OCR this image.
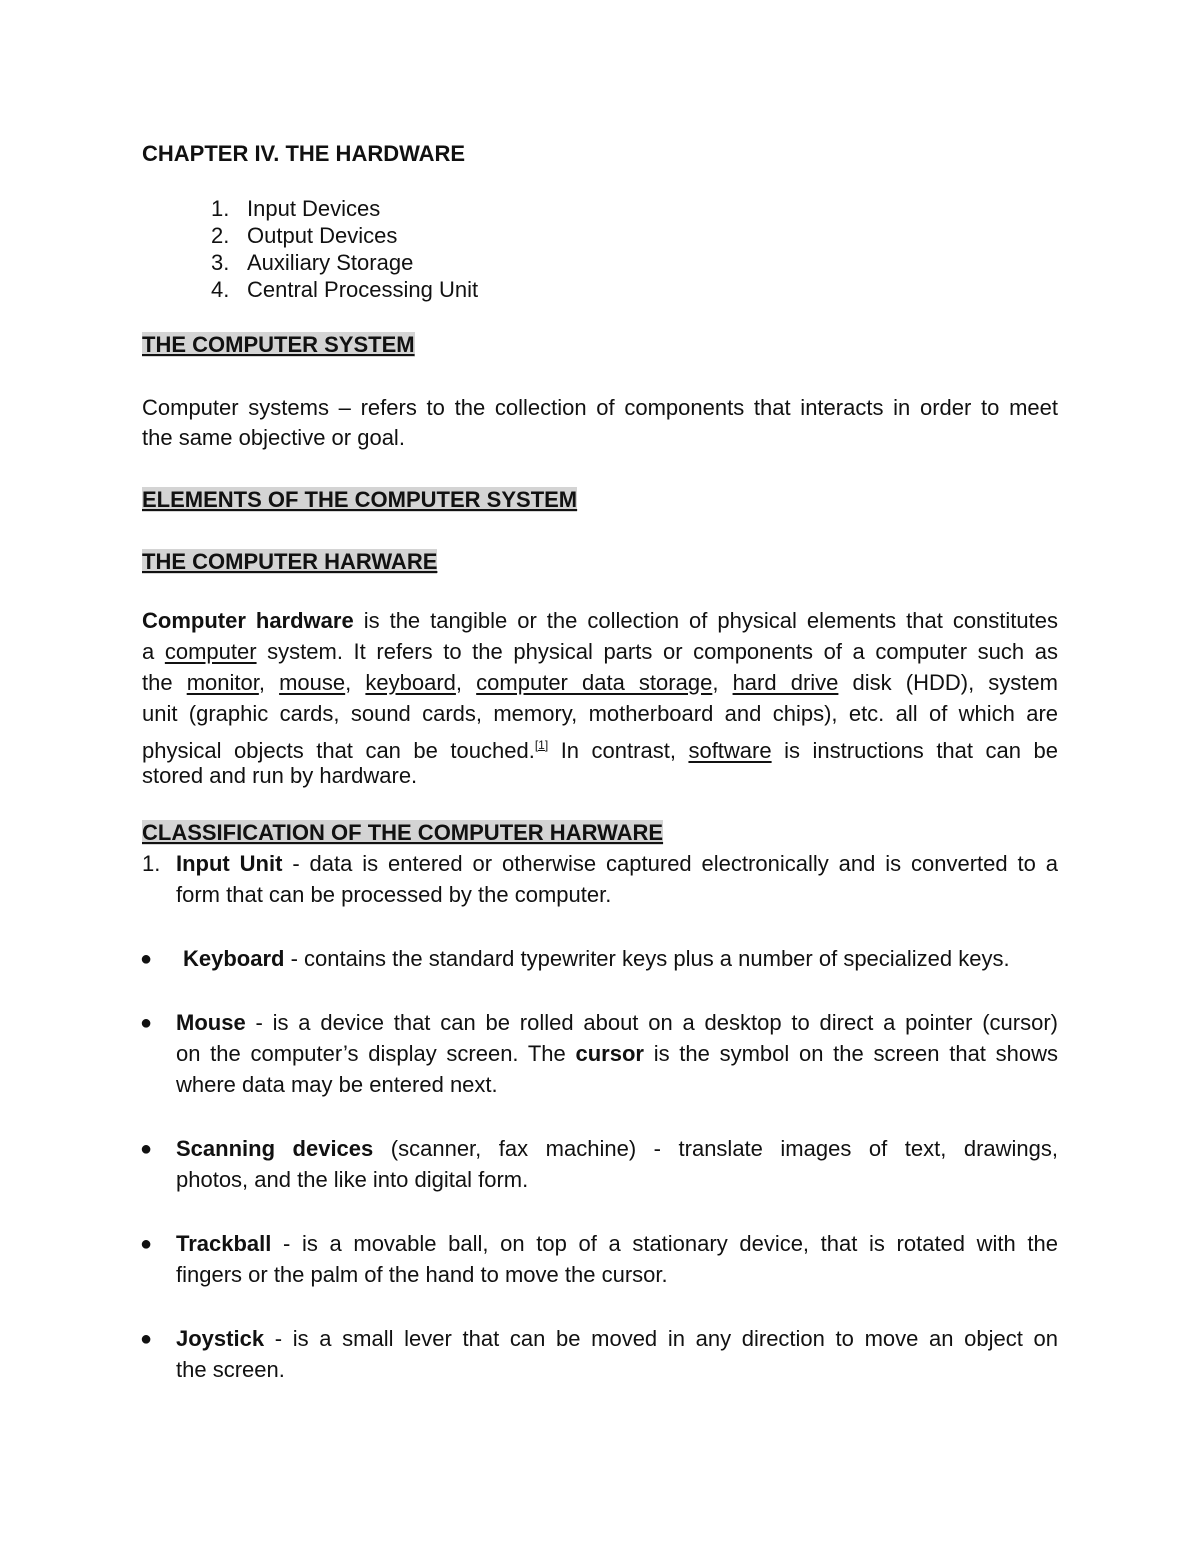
CHAPTER IV. THE HARDWARE
1. Input Devices
2. Output Devices
3. Auxiliary Storage
4. Central Processing Unit
THE COMPUTER SYSTEM
Computer systems – refers to the collection of components that interacts in order to meet
the same objective or goal.
ELEMENTS OF THE COMPUTER SYSTEM
THE COMPUTER HARWARE
Computer hardware is the tangible or the collection of physical elements that constitutes
a computer system. It refers to the physical parts or components of a computer such as
the monitor, mouse, keyboard, computer data storage, hard drive disk (HDD), system
unit (graphic cards, sound cards, memory, motherboard and chips), etc. all of which are
physical objects that can be touched.[1] In contrast, software is instructions that can be
stored and run by hardware.
CLASSIFICATION OF THE COMPUTER HARWARE
1. Input Unit - data is entered or otherwise captured electronically and is converted to a
form that can be processed by the computer.
● Keyboard - contains the standard typewriter keys plus a number of specialized keys.
● Mouse - is a device that can be rolled about on a desktop to direct a pointer (cursor)
on the computer’s display screen. The cursor is the symbol on the screen that shows
where data may be entered next.
● Scanning devices (scanner, fax machine) - translate images of text, drawings,
photos, and the like into digital form.
● Trackball - is a movable ball, on top of a stationary device, that is rotated with the
fingers or the palm of the hand to move the cursor.
● Joystick - is a small lever that can be moved in any direction to move an object on
the screen.
